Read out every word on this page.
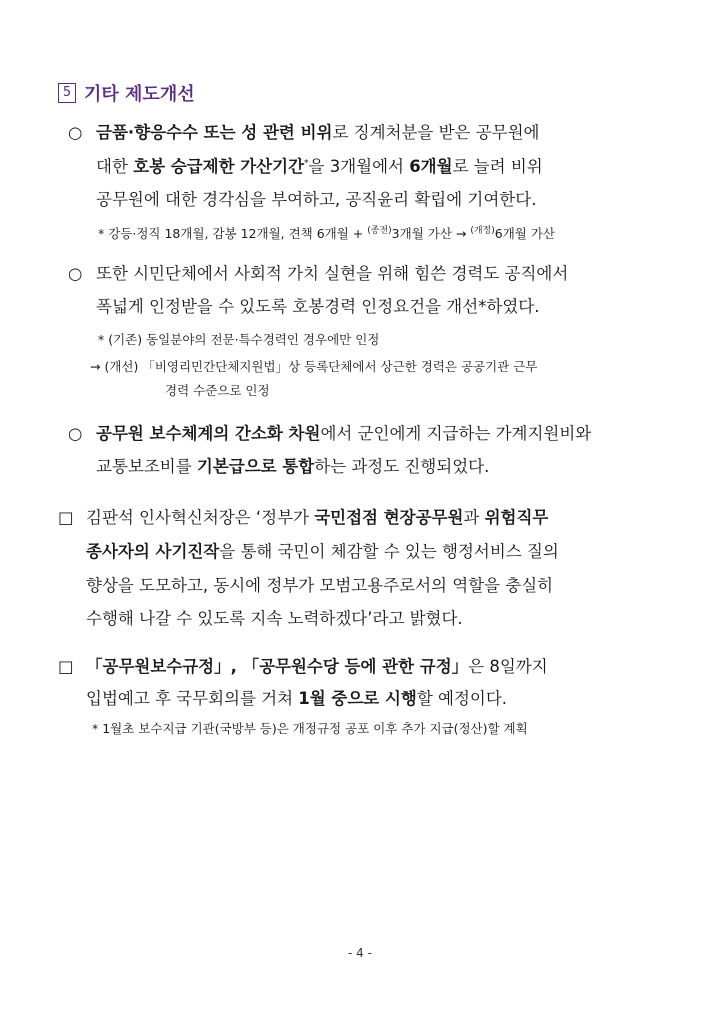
5 기타 제도개선
○ 금품·향응수수 또는 성 관련 비위로 징계처분을 받은 공무원에
대한 호봉 승급제한 가산기간*을 3개월에서 6개월로 늘려 비위
공무원에 대한 경각심을 부여하고, 공직윤리 확립에 기여한다.
* 강등·정직 18개월, 감봉 12개월, 견책 6개월 + $^{(종전)}$3개월 가산 → $^{(개정)}$6개월 가산
○ 또한 시민단체에서 사회적 가치 실현을 위해 힘쓴 경력도 공직에서
폭넓게 인정받을 수 있도록 호봉경력 인정요건을 개선*하였다.
* (기존) 동일분야의 전문·특수경력인 경우에만 인정
→ (개선) 「비영리민간단체지원법」상 등록단체에서 상근한 경력은 공공기관 근무
경력 수준으로 인정
○ 공무원 보수체계의 간소화 차원에서 군인에게 지급하는 가계지원비와
교통보조비를 기본급으로 통합하는 과정도 진행되었다.
□ 김판석 인사혁신처장은 ‘정부가 국민접점 현장공무원과 위험직무
종사자의 사기진작을 통해 국민이 체감할 수 있는 행정서비스 질의
향상을 도모하고, 동시에 정부가 모범고용주로서의 역할을 충실히
수행해 나갈 수 있도록 지속 노력하겠다’라고 밝혔다.
□ 「공무원보수규정」, 「공무원수당 등에 관한 규정」은 8일까지
입법예고 후 국무회의를 거쳐 1월 중으로 시행할 예정이다.
* 1월초 보수지급 기관(국방부 등)은 개정규정 공포 이후 추가 지급(정산)할 계획
- 4 -
